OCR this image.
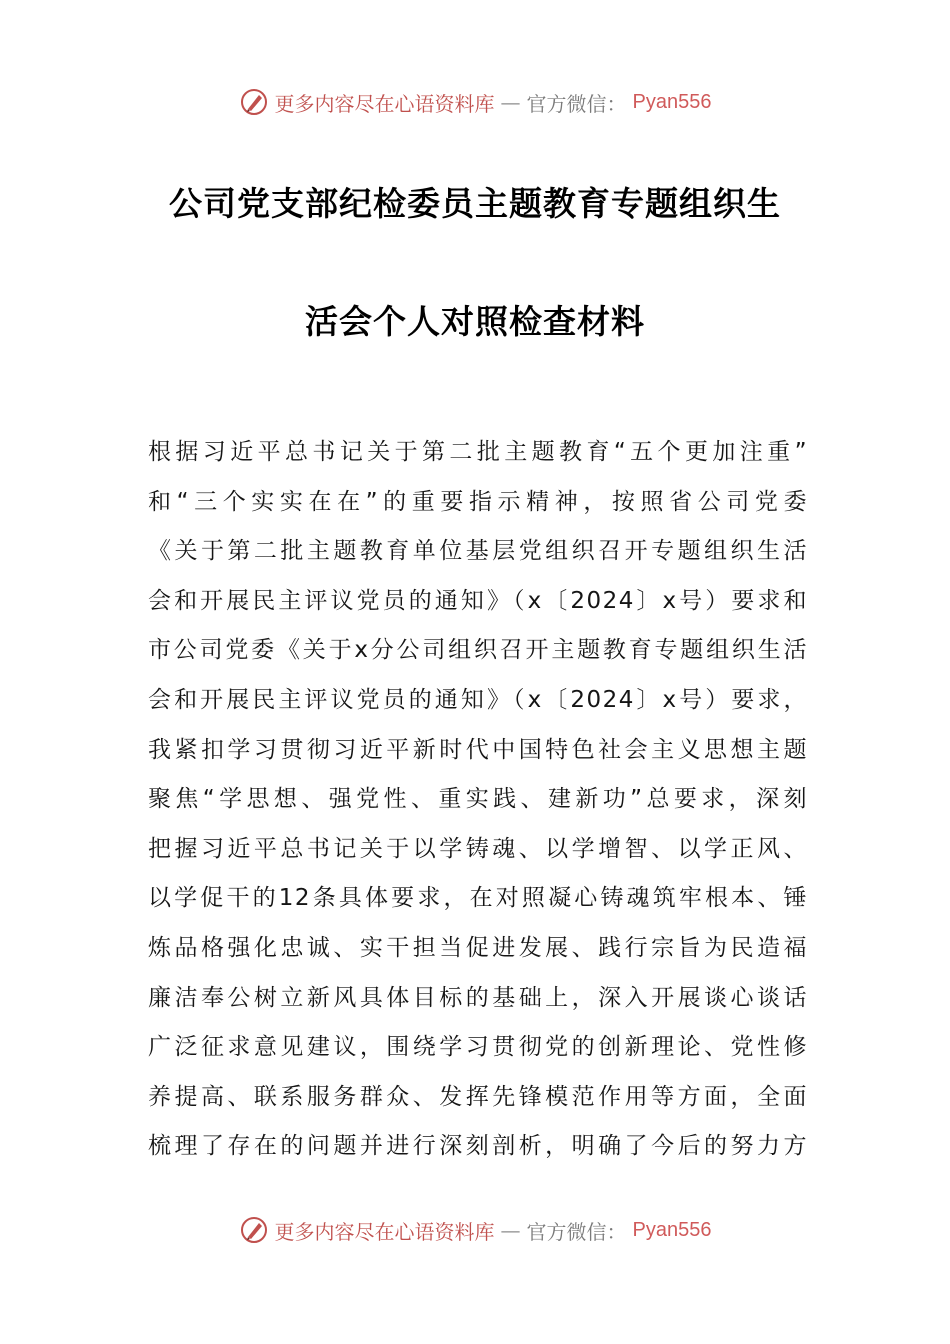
更多内容尽在心语资料库 — 官方微信： Pyan556
公司党支部纪检委员主题教育专题组织生
活会个人对照检查材料
根据习近平总书记关于第二批主题教育“五个更加注重”
和“三个实实在在”的重要指示精神，按照省公司党委
《关于第二批主题教育单位基层党组织召开专题组织生活
会和开展民主评议党员的通知》（x〔2024〕x号）要求和
市公司党委《关于x分公司组织召开主题教育专题组织生活
会和开展民主评议党员的通知》（x〔2024〕x号）要求，
我紧扣学习贯彻习近平新时代中国特色社会主义思想主题
聚焦“学思想、强党性、重实践、建新功”总要求，深刻
把握习近平总书记关于以学铸魂、以学增智、以学正风、
以学促干的12条具体要求，在对照凝心铸魂筑牢根本、锤
炼品格强化忠诚、实干担当促进发展、践行宗旨为民造福
廉洁奉公树立新风具体目标的基础上，深入开展谈心谈话
广泛征求意见建议，围绕学习贯彻党的创新理论、党性修
养提高、联系服务群众、发挥先锋模范作用等方面，全面
梳理了存在的问题并进行深刻剖析，明确了今后的努力方
更多内容尽在心语资料库 — 官方微信： Pyan556
